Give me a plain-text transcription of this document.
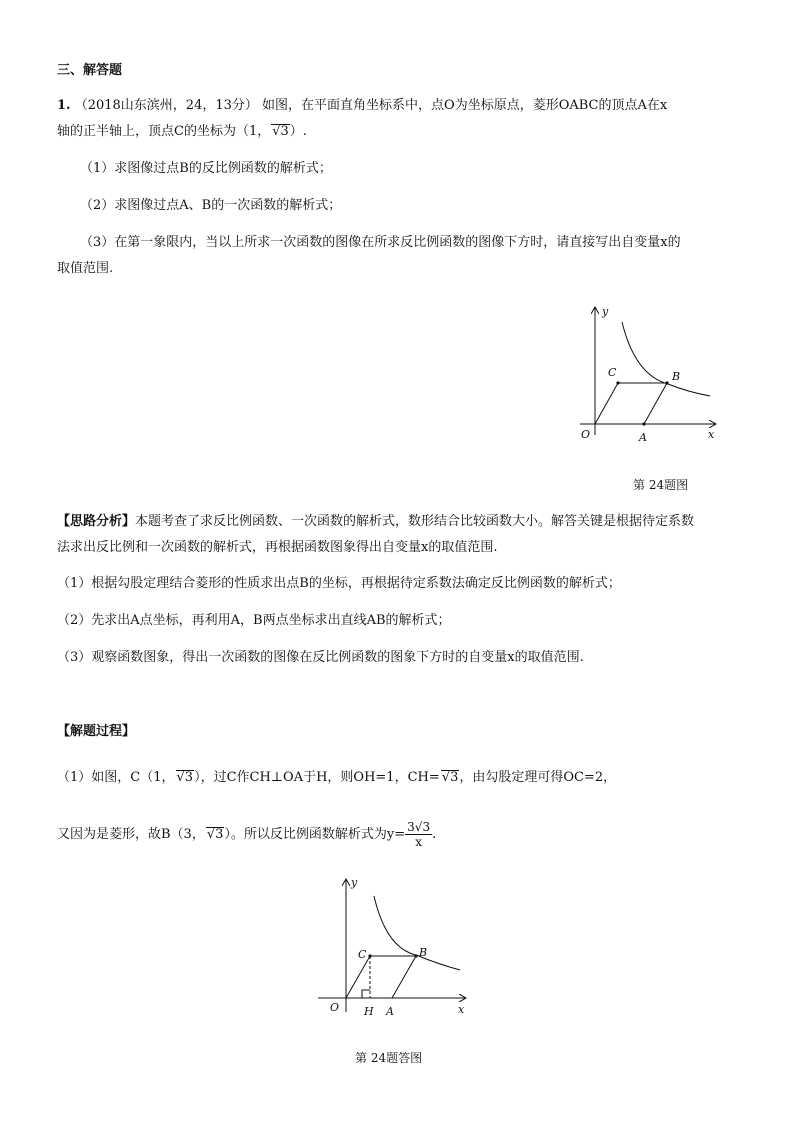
三、解答题
1. （2018山东滨州，24，13分） 如图，在平面直角坐标系中，点O为坐标原点，菱形OABC的顶点A在x
轴的正半轴上，顶点C的坐标为（1， √3）.
（1）求图像过点B的反比例函数的解析式；
（2）求图像过点A、B的一次函数的解析式；
（3）在第一象限内，当以上所求一次函数的图像在所求反比例函数的图像下方时，请直接写出自变量x的
取值范围.
y
x
O	A
B
C
第 24题图
【思路分析】本题考查了求反比例函数、一次函数的解析式，数形结合比较函数大小。解答关键是根据待定系数
法求出反比例和一次函数的解析式，再根据函数图象得出自变量x的取值范围.
（1）根据勾股定理结合菱形的性质求出点B的坐标，再根据待定系数法确定反比例函数的解析式；
（2）先求出A点坐标，再利用A，B两点坐标求出直线AB的解析式；
（3）观察函数图象，得出一次函数的图像在反比例函数的图象下方时的自变量x的取值范围.
【解题过程】
（1）如图，C（1， √3），过C作CH⊥OA于H，则OH=1，CH= √3，由勾股定理可得OC=2，
又因为是菱形，故B（3， √3）。所以反比例函数解析式为$y= \frac{3√3}{x}$ .
y
x
O H A
B
C
第 24题答图
